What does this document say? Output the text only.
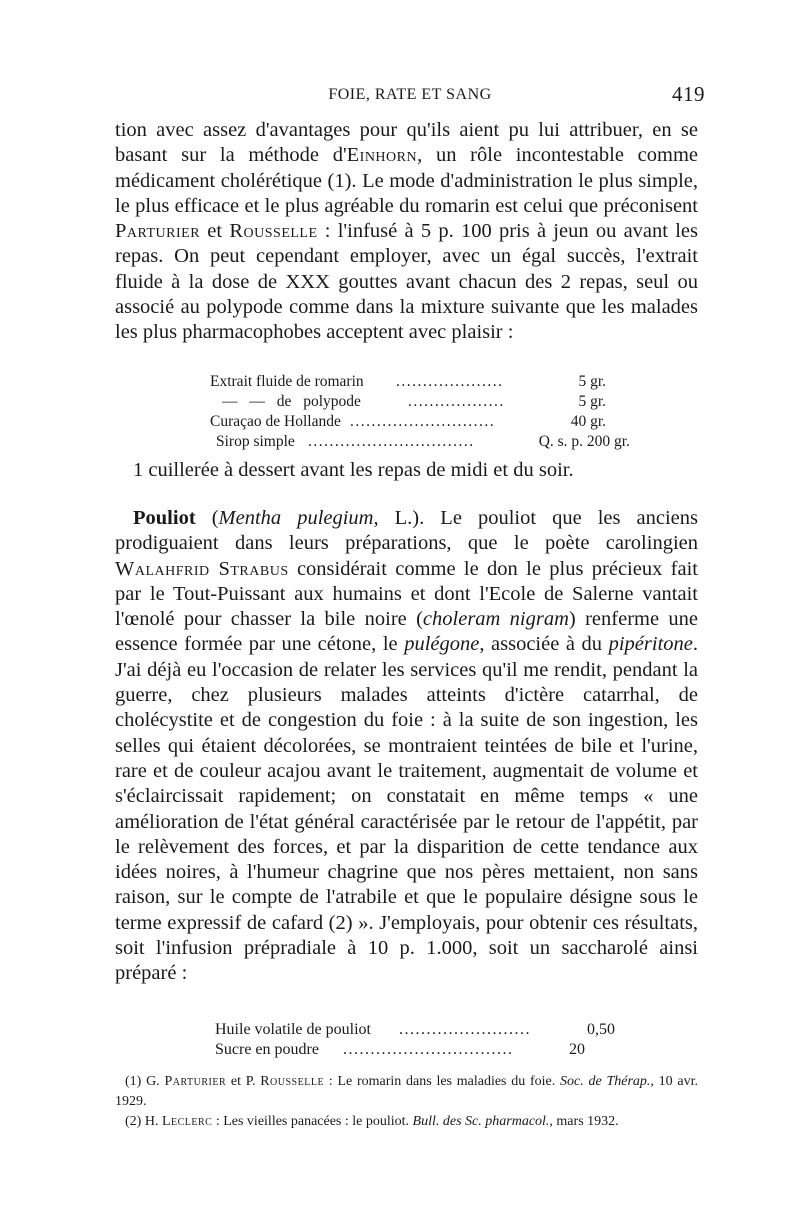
FOIE, RATE ET SANG	419

tion avec assez d'avantages pour qu'ils aient pu lui attribuer, en se basant sur la méthode d'Einhorn, un rôle incontestable comme médicament cholérétique (1). Le mode d'administration le plus simple, le plus efficace et le plus agréable du romarin est celui que préconisent Parturier et Rousselle : l'infusé à 5 p. 100 pris à jeun ou avant les repas. On peut cependant employer, avec un égal succès, l'extrait fluide à la dose de XXX gouttes avant chacun des 2 repas, seul ou associé au polypode comme dans la mixture suivante que les malades les plus pharmacophobes acceptent avec plaisir :

Extrait fluide de romarin ....................	5 gr.
— — de polypode	..................	5 gr.
Curaçao de Hollande ...........................	40 gr.
Sirop simple ...............................	Q. s. p. 200 gr.

1 cuillerée à dessert avant les repas de midi et du soir.

Pouliot (Mentha pulegium, L.). Le pouliot que les anciens prodiguaient dans leurs préparations, que le poète carolingien Walahfrid Strabus considérait comme le don le plus précieux fait par le Tout-Puissant aux humains et dont l'Ecole de Salerne vantait l'œnolé pour chasser la bile noire (choleram nigram) renferme une essence formée par une cétone, le pulégone, associée à du pipéritone. J'ai déjà eu l'occasion de relater les services qu'il me rendit, pendant la guerre, chez plusieurs malades atteints d'ictère catarrhal, de cholécystite et de congestion du foie : à la suite de son ingestion, les selles qui étaient décolorées, se montraient teintées de bile et l'urine, rare et de couleur acajou avant le traitement, augmentait de volume et s'éclaircissait rapidement; on constatait en même temps « une amélioration de l'état général caractérisée par le retour de l'appétit, par le relèvement des forces, et par la disparition de cette tendance aux idées noires, à l'humeur chagrine que nos pères mettaient, non sans raison, sur le compte de l'atrabile et que le populaire désigne sous le terme expressif de cafard (2) ». J'employais, pour obtenir ces résultats, soit l'infusion prépradiale à 10 p. 1.000, soit un saccharolé ainsi préparé :

Huile volatile de pouliot ........................	0,50
Sucre en poudre ...............................	20

(1) G. Parturier et P. Rousselle : Le romarin dans les maladies du foie. Soc. de Thérap., 10 avr. 1929.

(2) H. Leclerc : Les vieilles panacées : le pouliot. Bull. des Sc. pharmacol., mars 1932.
